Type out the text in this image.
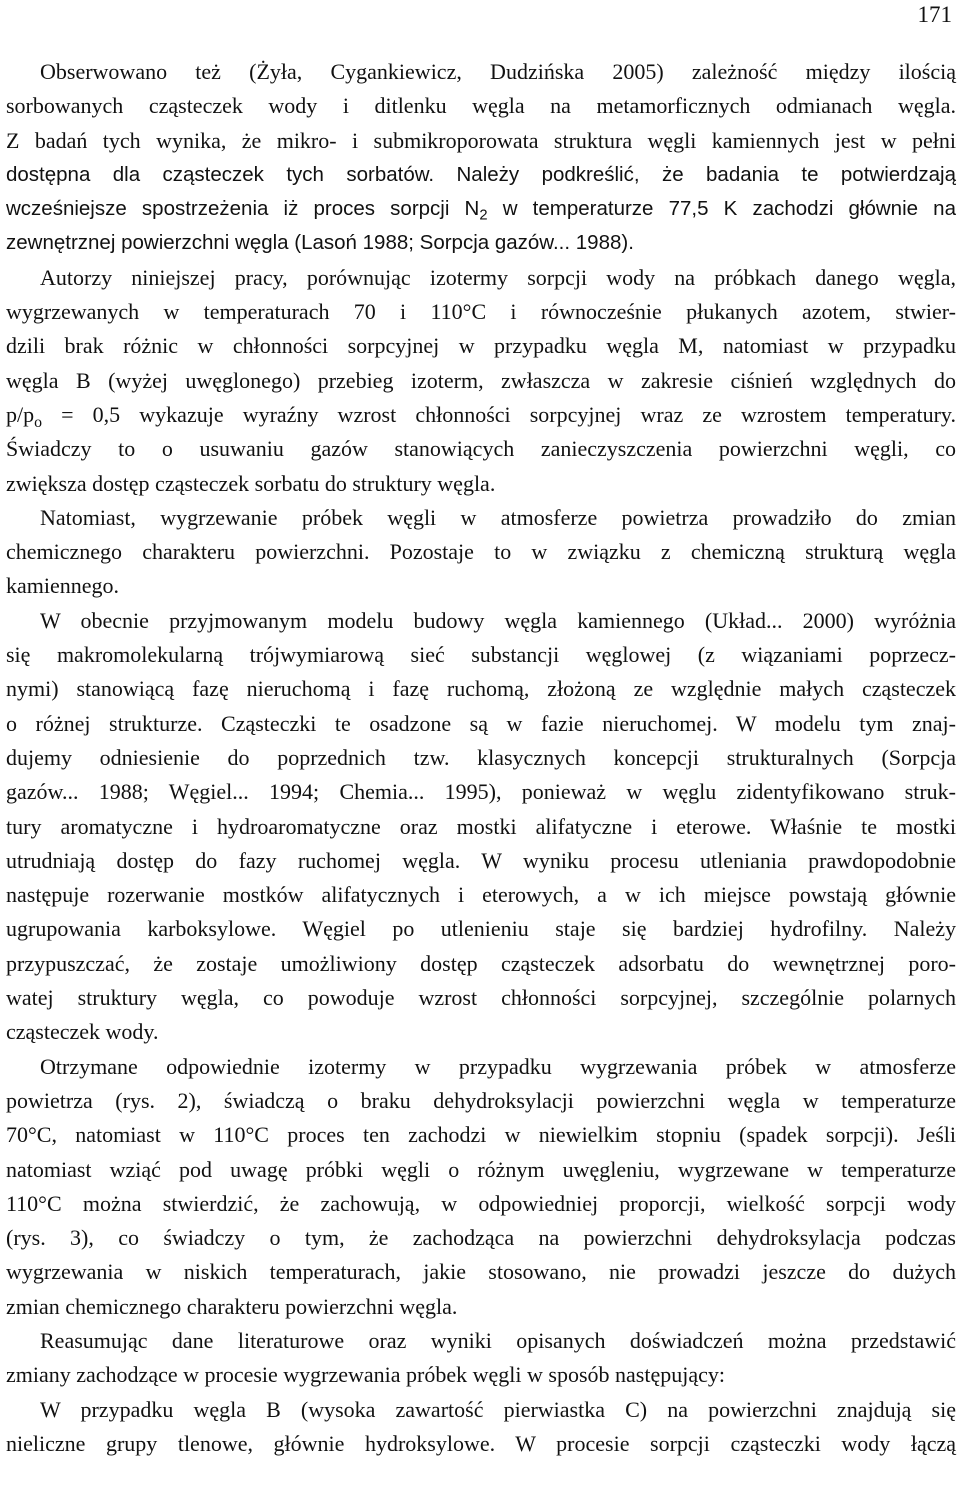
171
Obserwowano też (Żyła, Cygankiewicz, Dudzińska 2005) zależność między ilością
sorbowanych cząsteczek wody i ditlenku węgla na metamorficznych odmianach węgla.
Z badań tych wynika, że mikro- i submikroporowata struktura węgli kamiennych jest w pełni
dostępna dla cząsteczek tych sorbatów. Należy podkreślić, że badania te potwierdzają
wcześniejsze spostrzeżenia iż proces sorpcji $N_2$ w temperaturze 77,5 K zachodzi głównie na
zewnętrznej powierzchni węgla (Lasoń 1988; Sorpcja gazów... 1988).
Autorzy niniejszej pracy, porównując izotermy sorpcji wody na próbkach danego węgla,
wygrzewanych w temperaturach 70 i 110°C i równocześnie płukanych azotem, stwier-
dzili brak różnic w chłonności sorpcyjnej w przypadku węgla M, natomiast w przypadku
węgla B (wyżej uwęglonego) przebieg izoterm, zwłaszcza w zakresie ciśnień względnych do
$p/p_o = 0,5$ wykazuje wyraźny wzrost chłonności sorpcyjnej wraz ze wzrostem temperatury.
Świadczy to o usuwaniu gazów stanowiących zanieczyszczenia powierzchni węgli, co
zwiększa dostęp cząsteczek sorbatu do struktury węgla.
Natomiast, wygrzewanie próbek węgli w atmosferze powietrza prowadziło do zmian
chemicznego charakteru powierzchni. Pozostaje to w związku z chemiczną strukturą węgla
kamiennego.
W obecnie przyjmowanym modelu budowy węgla kamiennego (Układ... 2000) wyróżnia
się makromolekularną trójwymiarową sieć substancji węglowej (z wiązaniami poprzecz-
nymi) stanowiącą fazę nieruchomą i fazę ruchomą, złożoną ze względnie małych cząsteczek
o różnej strukturze. Cząsteczki te osadzone są w fazie nieruchomej. W modelu tym znaj-
dujemy odniesienie do poprzednich tzw. klasycznych koncepcji strukturalnych (Sorpcja
gazów... 1988; Węgiel... 1994; Chemia... 1995), ponieważ w węglu zidentyfikowano struk-
tury aromatyczne i hydroaromatyczne oraz mostki alifatyczne i eterowe. Właśnie te mostki
utrudniają dostęp do fazy ruchomej węgla. W wyniku procesu utleniania prawdopodobnie
następuje rozerwanie mostków alifatycznych i eterowych, a w ich miejsce powstają głównie
ugrupowania karboksylowe. Węgiel po utlenieniu staje się bardziej hydrofilny. Należy
przypuszczać, że zostaje umożliwiony dostęp cząsteczek adsorbatu do wewnętrznej poro-
watej struktury węgla, co powoduje wzrost chłonności sorpcyjnej, szczególnie polarnych
cząsteczek wody.
Otrzymane odpowiednie izotermy w przypadku wygrzewania próbek w atmosferze
powietrza (rys. 2), świadczą o braku dehydroksylacji powierzchni węgla w temperaturze
70°C, natomiast w 110°C proces ten zachodzi w niewielkim stopniu (spadek sorpcji). Jeśli
natomiast wziąć pod uwagę próbki węgli o różnym uwęgleniu, wygrzewane w temperaturze
110°C można stwierdzić, że zachowują, w odpowiedniej proporcji, wielkość sorpcji wody
(rys. 3), co świadczy o tym, że zachodząca na powierzchni dehydroksylacja podczas
wygrzewania w niskich temperaturach, jakie stosowano, nie prowadzi jeszcze do dużych
zmian chemicznego charakteru powierzchni węgla.
Reasumując dane literaturowe oraz wyniki opisanych doświadczeń można przedstawić
zmiany zachodzące w procesie wygrzewania próbek węgli w sposób następujący:
W przypadku węgla B (wysoka zawartość pierwiastka C) na powierzchni znajdują się
nieliczne grupy tlenowe, głównie hydroksylowe. W procesie sorpcji cząsteczki wody łączą
